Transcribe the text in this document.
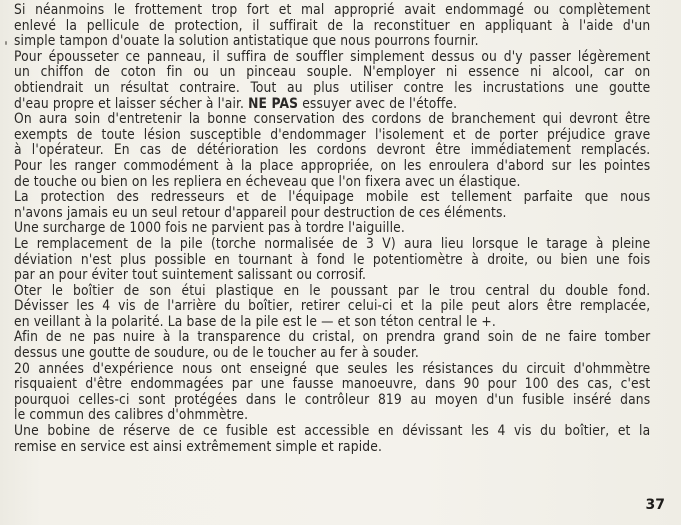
Si néanmoins le frottement trop fort et mal approprié avait endommagé ou complètement
enlevé la pellicule de protection, il suffirait de la reconstituer en appliquant à l'aide d'un
simple tampon d'ouate la solution antistatique que nous pourrons fournir.
Pour épousseter ce panneau, il suffira de souffler simplement dessus ou d'y passer légèrement
un chiffon de coton fin ou un pinceau souple. N'employer ni essence ni alcool, car on
obtiendrait un résultat contraire. Tout au plus utiliser contre les incrustations une goutte
d'eau propre et laisser sécher à l'air. NE PAS essuyer avec de l'étoffe.
On aura soin d'entretenir la bonne conservation des cordons de branchement qui devront être
exempts de toute lésion susceptible d'endommager l'isolement et de porter préjudice grave
à l'opérateur. En cas de détérioration les cordons devront être immédiatement remplacés.
Pour les ranger commodément à la place appropriée, on les enroulera d'abord sur les pointes
de touche ou bien on les repliera en écheveau que l'on fixera avec un élastique.
La protection des redresseurs et de l'équipage mobile est tellement parfaite que nous
n'avons jamais eu un seul retour d'appareil pour destruction de ces éléments.
Une surcharge de 1000 fois ne parvient pas à tordre l'aiguille.
Le remplacement de la pile (torche normalisée de 3 V) aura lieu lorsque le tarage à pleine
déviation n'est plus possible en tournant à fond le potentiomètre à droite, ou bien une fois
par an pour éviter tout suintement salissant ou corrosif.
Oter le boîtier de son étui plastique en le poussant par le trou central du double fond.
Dévisser les 4 vis de l'arrière du boîtier, retirer celui-ci et la pile peut alors être remplacée,
en veillant à la polarité. La base de la pile est le — et son téton central le +.
Afin de ne pas nuire à la transparence du cristal, on prendra grand soin de ne faire tomber
dessus une goutte de soudure, ou de le toucher au fer à souder.
20 années d'expérience nous ont enseigné que seules les résistances du circuit d'ohmmètre
risquaient d'être endommagées par une fausse manoeuvre, dans 90 pour 100 des cas, c'est
pourquoi celles-ci sont protégées dans le contrôleur 819 au moyen d'un fusible inséré dans
le commun des calibres d'ohmmètre.
Une bobine de réserve de ce fusible est accessible en dévissant les 4 vis du boîtier, et la
remise en service est ainsi extrêmement simple et rapide.
37
